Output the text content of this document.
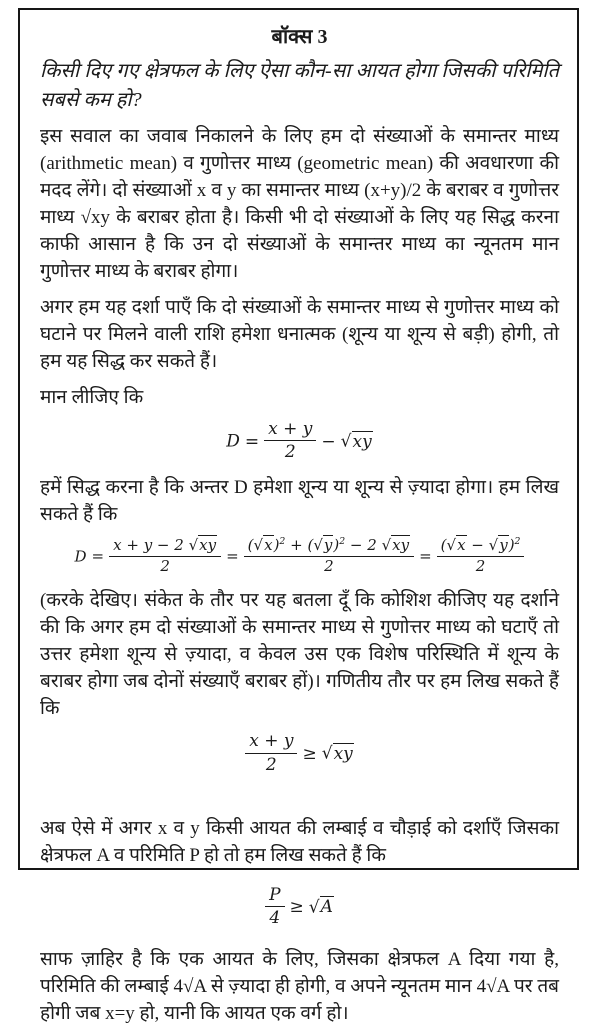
बॉक्स 3
किसी दिए गए क्षेत्रफल के लिए ऐसा कौन-सा आयत होगा जिसकी परिमिति सबसे कम हो?

इस सवाल का जवाब निकालने के लिए हम दो संख्याओं के समान्तर माध्य (arithmetic mean) व गुणोत्तर माध्य (geometric mean) की अवधारणा की मदद लेंगे। दो संख्याओं x व y का समान्तर माध्य (x+y)/2 के बराबर व गुणोत्तर माध्य √xy के बराबर होता है। किसी भी दो संख्याओं के लिए यह सिद्ध करना काफी आसान है कि उन दो संख्याओं के समान्तर माध्य का न्यूनतम मान गुणोत्तर माध्य के बराबर होगा।

अगर हम यह दर्शा पाएँ कि दो संख्याओं के समान्तर माध्य से गुणोत्तर माध्य को घटाने पर मिलने वाली राशि हमेशा धनात्मक (शून्य या शून्य से बड़ी) होगी, तो हम यह सिद्ध कर सकते हैं।

मान लीजिए कि

$D = \frac{x + y}{2} - √xy$

हमें सिद्ध करना है कि अन्तर D हमेशा शून्य या शून्य से ज़्यादा होगा। हम लिख सकते हैं कि

$D = \frac{x + y - 2 √xy}{2} = \frac{(√x)^2 + (√y)^2 - 2 √xy}{2} = \frac{(√x - √y)^2}{2}$

(करके देखिए। संकेत के तौर पर यह बतला दूँ कि कोशिश कीजिए यह दर्शाने की कि अगर हम दो संख्याओं के समान्तर माध्य से गुणोत्तर माध्य को घटाएँ तो उत्तर हमेशा शून्य से ज़्यादा, व केवल उस एक विशेष परिस्थिति में शून्य के बराबर होगा जब दोनों संख्याएँ बराबर हों)। गणितीय तौर पर हम लिख सकते हैं कि

$\frac{x + y}{2} \ge √xy$

अब ऐसे में अगर x व y किसी आयत की लम्बाई व चौड़ाई को दर्शाएँ जिसका क्षेत्रफल A व परिमिति P हो तो हम लिख सकते हैं कि

$\frac{P}{4} \ge √A$

साफ ज़ाहिर है कि एक आयत के लिए, जिसका क्षेत्रफल A दिया गया है, परिमिति की लम्बाई 4√A से ज़्यादा ही होगी, व अपने न्यूनतम मान 4√A पर तब होगी जब x=y हो, यानी कि आयत एक वर्ग हो।
